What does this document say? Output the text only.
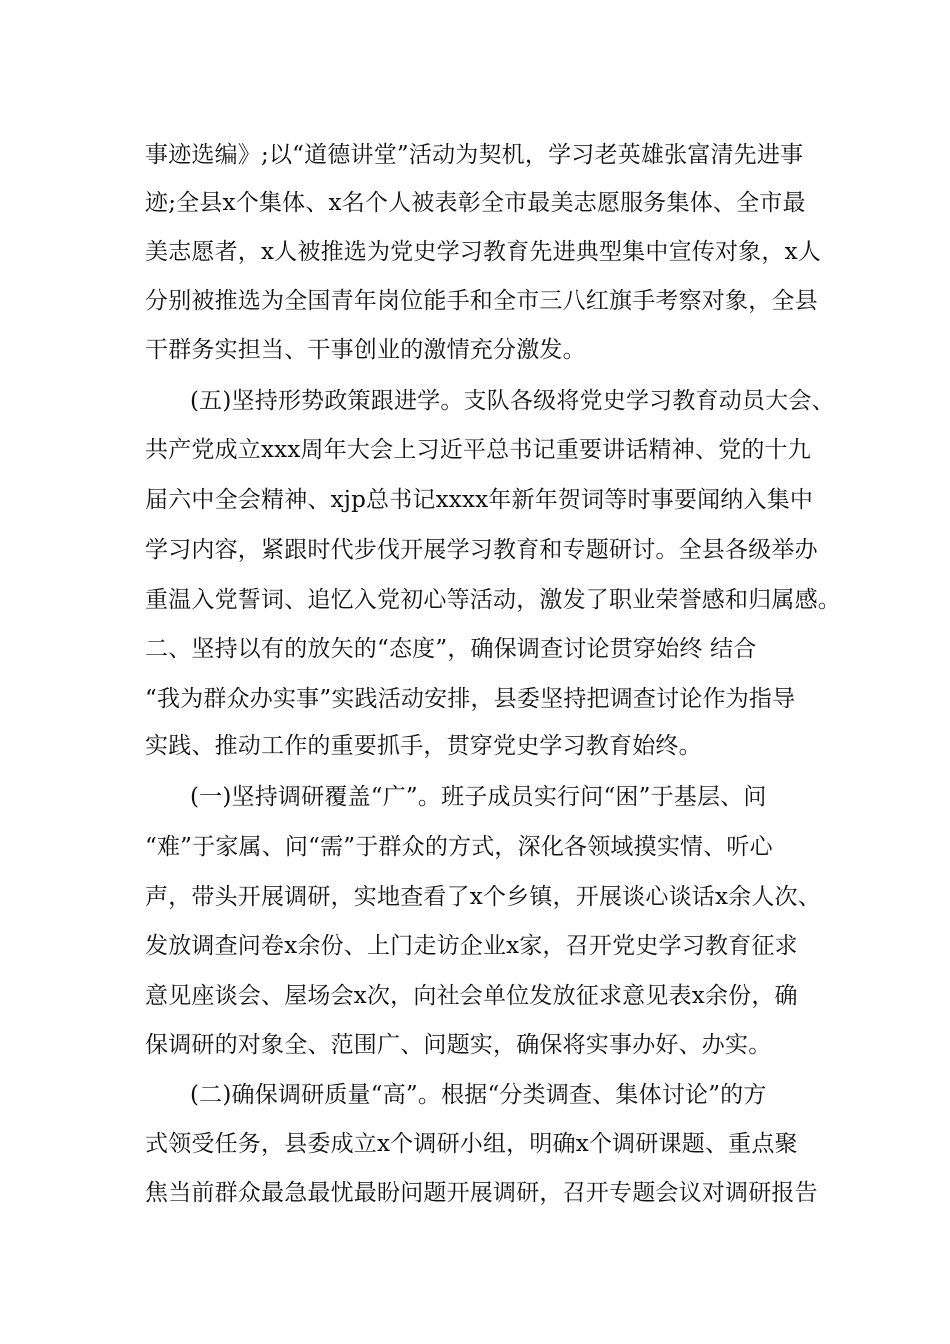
事迹选编》;以“道德讲堂”活动为契机，学习老英雄张富清先进事
迹;全县x个集体、x名个人被表彰全市最美志愿服务集体、全市最
美志愿者，x人被推选为党史学习教育先进典型集中宣传对象，x人
分别被推选为全国青年岗位能手和全市三八红旗手考察对象，全县
干群务实担当、干事创业的激情充分激发。
(五)坚持形势政策跟进学。支队各级将党史学习教育动员大会、
共产党成立xxx周年大会上习近平总书记重要讲话精神、党的十九
届六中全会精神、xjp总书记xxxx年新年贺词等时事要闻纳入集中
学习内容，紧跟时代步伐开展学习教育和专题研讨。全县各级举办
重温入党誓词、追忆入党初心等活动，激发了职业荣誉感和归属感。
二、坚持以有的放矢的“态度”，确保调查讨论贯穿始终 结合
“我为群众办实事”实践活动安排，县委坚持把调查讨论作为指导
实践、推动工作的重要抓手，贯穿党史学习教育始终。
(一)坚持调研覆盖“广”。班子成员实行问“困”于基层、问
“难”于家属、问“需”于群众的方式，深化各领域摸实情、听心
声，带头开展调研，实地查看了x个乡镇，开展谈心谈话x余人次、
发放调查问卷x余份、上门走访企业x家，召开党史学习教育征求
意见座谈会、屋场会x次，向社会单位发放征求意见表x余份，确
保调研的对象全、范围广、问题实，确保将实事办好、办实。
(二)确保调研质量“高”。根据“分类调查、集体讨论”的方
式领受任务，县委成立x个调研小组，明确x个调研课题、重点聚
焦当前群众最急最忧最盼问题开展调研，召开专题会议对调研报告
